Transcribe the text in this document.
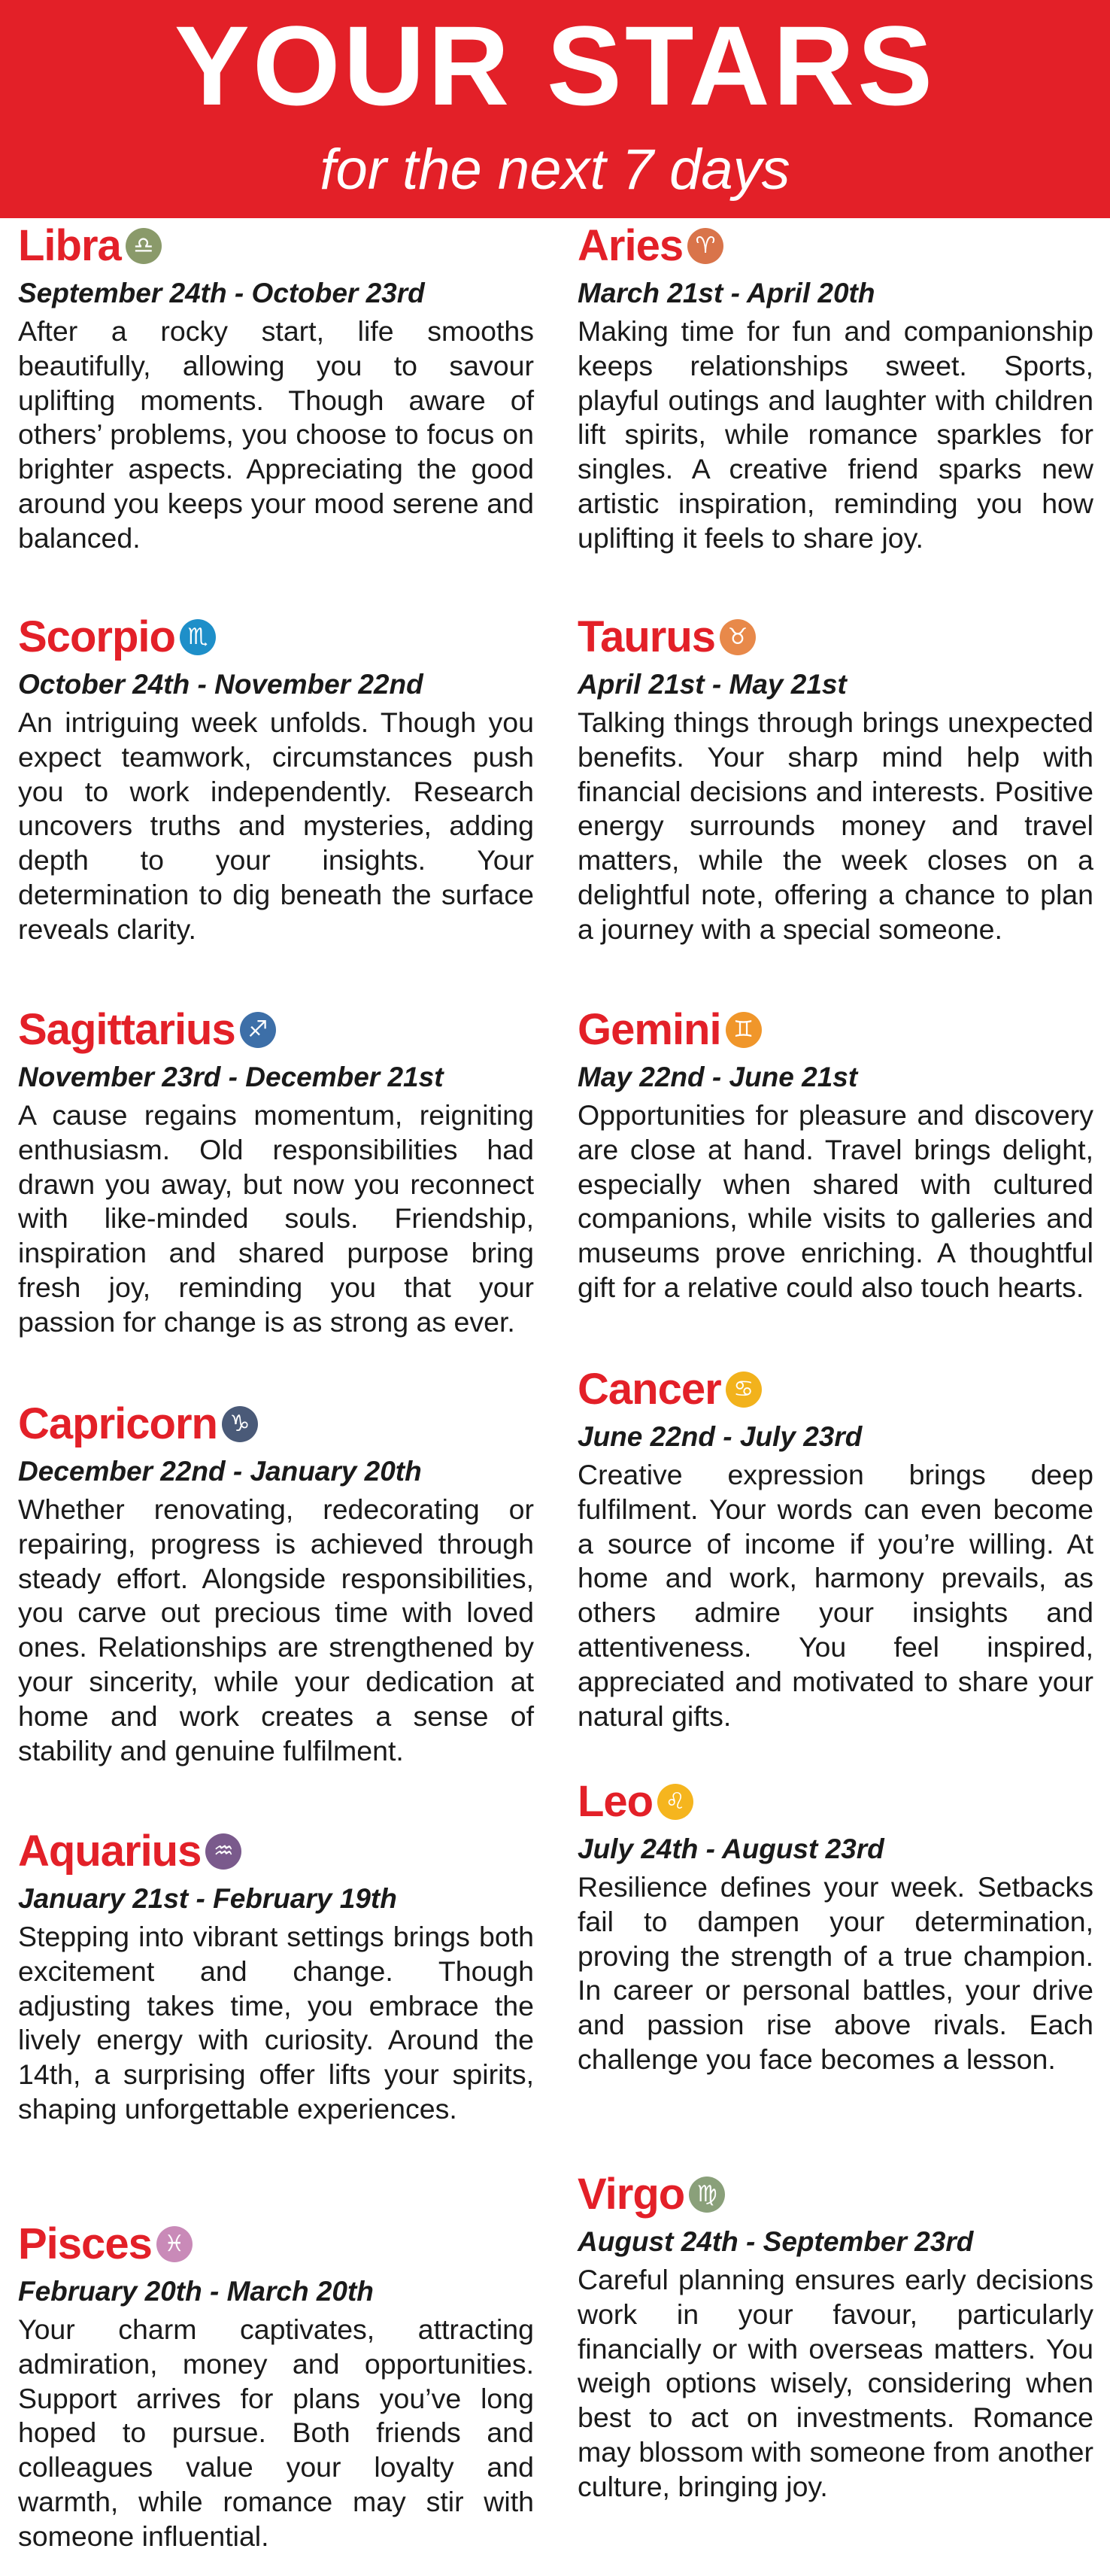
YOUR STARS
for the next 7 days
Libra ♎
September 24th - October 23rd
After a rocky start, life smooths beautifully, allowing you to savour uplifting moments. Though aware of others’ problems, you choose to focus on brighter aspects. Appreciating the good around you keeps your mood serene and balanced.
Scorpio ♏
October 24th - November 22nd
An intriguing week unfolds. Though you expect teamwork, circumstances push you to work independently. Research uncovers truths and mysteries, adding depth to your insights. Your determination to dig beneath the surface reveals clarity.
Sagittarius ♐
November 23rd - December 21st
A cause regains momentum, reigniting enthusiasm. Old responsibilities had drawn you away, but now you reconnect with like-minded souls. Friendship, inspiration and shared purpose bring fresh joy, reminding you that your passion for change is as strong as ever.
Capricorn ♑
December 22nd - January 20th
Whether renovating, redecorating or repairing, progress is achieved through steady effort. Alongside responsibilities, you carve out precious time with loved ones. Relationships are strengthened by your sincerity, while your dedication at home and work creates a sense of stability and genuine fulfilment.
Aquarius ♒
January 21st - February 19th
Stepping into vibrant settings brings both excitement and change. Though adjusting takes time, you embrace the lively energy with curiosity. Around the 14th, a surprising offer lifts your spirits, shaping unforgettable experiences.
Pisces ♓
February 20th - March 20th
Your charm captivates, attracting admiration, money and opportunities. Support arrives for plans you’ve long hoped to pursue. Both friends and colleagues value your loyalty and warmth, while romance may stir with someone influential.
Aries ♈
March 21st - April 20th
Making time for fun and companionship keeps relationships sweet. Sports, playful outings and laughter with children lift spirits, while romance sparkles for singles. A creative friend sparks new artistic inspiration, reminding you how uplifting it feels to share joy.
Taurus ♉
April 21st - May 21st
Talking things through brings unexpected benefits. Your sharp mind help with financial decisions and interests. Positive energy surrounds money and travel matters, while the week closes on a delightful note, offering a chance to plan a journey with a special someone.
Gemini ♊
May 22nd - June 21st
Opportunities for pleasure and discovery are close at hand. Travel brings delight, especially when shared with cultured companions, while visits to galleries and museums prove enriching. A thoughtful gift for a relative could also touch hearts.
Cancer ♋
June 22nd - July 23rd
Creative expression brings deep fulfilment. Your words can even become a source of income if you’re willing. At home and work, harmony prevails, as others admire your insights and attentiveness. You feel inspired, appreciated and motivated to share your natural gifts.
Leo ♌
July 24th - August 23rd
Resilience defines your week. Setbacks fail to dampen your determination, proving the strength of a true champion. In career or personal battles, your drive and passion rise above rivals. Each challenge you face becomes a lesson.
Virgo ♍
August 24th - September 23rd
Careful planning ensures early decisions work in your favour, particularly financially or with overseas matters. You weigh options wisely, considering when best to act on investments. Romance may blossom with someone from another culture, bringing joy.
